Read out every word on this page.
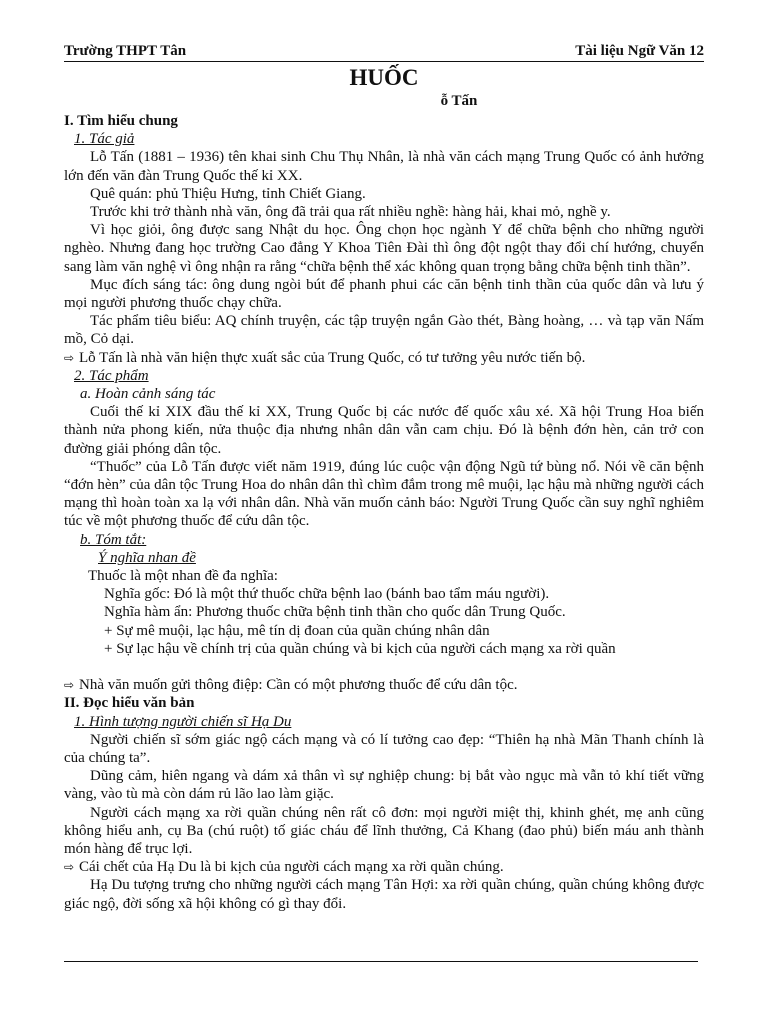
Trường THPT Tân	Tài liệu Ngữ Văn 12
HUỐC
ỗ Tấn

I. Tìm hiểu chung

1. Tác giả

Lỗ Tấn (1881 – 1936) tên khai sinh Chu Thụ Nhân, là nhà văn cách mạng Trung Quốc có ảnh hưởng lớn đến văn đàn Trung Quốc thế kỉ XX.

Quê quán: phủ Thiệu Hưng, tỉnh Chiết Giang.

Trước khi trở thành nhà văn, ông đã trải qua rất nhiều nghề: hàng hải, khai mỏ, nghề y.

Vì học giỏi, ông được sang Nhật du học. Ông chọn học ngành Y để chữa bệnh cho những người nghèo. Nhưng đang học trường Cao đẳng Y Khoa Tiên Đài thì ông đột ngột thay đổi chí hướng, chuyển sang làm văn nghệ vì ông nhận ra rằng “chữa bệnh thể xác không quan trọng bằng chữa bệnh tinh thần”.

Mục đích sáng tác: ông dung ngòi bút để phanh phui các căn bệnh tinh thần của quốc dân và lưu ý mọi người phương thuốc chạy chữa.

Tác phẩm tiêu biểu: AQ chính truyện, các tập truyện ngắn Gào thét, Bàng hoàng, … và tạp văn Nấm mồ, Cỏ dại.

⇨ Lỗ Tấn là nhà văn hiện thực xuất sắc của Trung Quốc, có tư tưởng yêu nước tiến bộ.

2. Tác phẩm

a. Hoàn cảnh sáng tác

Cuối thế kỉ XIX đầu thế kỉ XX, Trung Quốc bị các nước đế quốc xâu xé. Xã hội Trung Hoa biến thành nửa phong kiến, nửa thuộc địa nhưng nhân dân vẫn cam chịu. Đó là bệnh đớn hèn, cản trở con đường giải phóng dân tộc.

“Thuốc” của Lỗ Tấn được viết năm 1919, đúng lúc cuộc vận động Ngũ tứ bùng nổ. Nói về căn bệnh “đớn hèn” của dân tộc Trung Hoa do nhân dân thì chìm đắm trong mê muội, lạc hậu mà những người cách mạng thì hoàn toàn xa lạ với nhân dân. Nhà văn muốn cảnh báo: Người Trung Quốc cần suy nghĩ nghiêm túc về một phương thuốc để cứu dân tộc.

b. Tóm tắt:

Ý nghĩa nhan đề

Thuốc là một nhan đề đa nghĩa:

Nghĩa gốc: Đó là một thứ thuốc chữa bệnh lao (bánh bao tẩm máu người).

Nghĩa hàm ẩn: Phương thuốc chữa bệnh tinh thần cho quốc dân Trung Quốc.

+ Sự mê muội, lạc hậu, mê tín dị đoan của quần chúng nhân dân

+ Sự lạc hậu về chính trị của quần chúng và bi kịch của người cách mạng xa rời quần

⇨ Nhà văn muốn gửi thông điệp: Cần có một phương thuốc để cứu dân tộc.

II. Đọc hiểu văn bản

1. Hình tượng người chiến sĩ Hạ Du

Người chiến sĩ sớm giác ngộ cách mạng và có lí tưởng cao đẹp: “Thiên hạ nhà Mãn Thanh chính là của chúng ta”.

Dũng cảm, hiên ngang và dám xả thân vì sự nghiệp chung: bị bắt vào ngục mà vẫn tỏ khí tiết vững vàng, vào tù mà còn dám rủ lão lao làm giặc.

Người cách mạng xa rời quần chúng nên rất cô đơn: mọi người miệt thị, khinh ghét, mẹ anh cũng không hiểu anh, cụ Ba (chú ruột) tố giác cháu để lĩnh thưởng, Cả Khang (đao phủ) biến máu anh thành món hàng để trục lợi.

⇨ Cái chết của Hạ Du là bi kịch của người cách mạng xa rời quần chúng.

Hạ Du tượng trưng cho những người cách mạng Tân Hợi: xa rời quần chúng, quần chúng không được giác ngộ, đời sống xã hội không có gì thay đổi.
